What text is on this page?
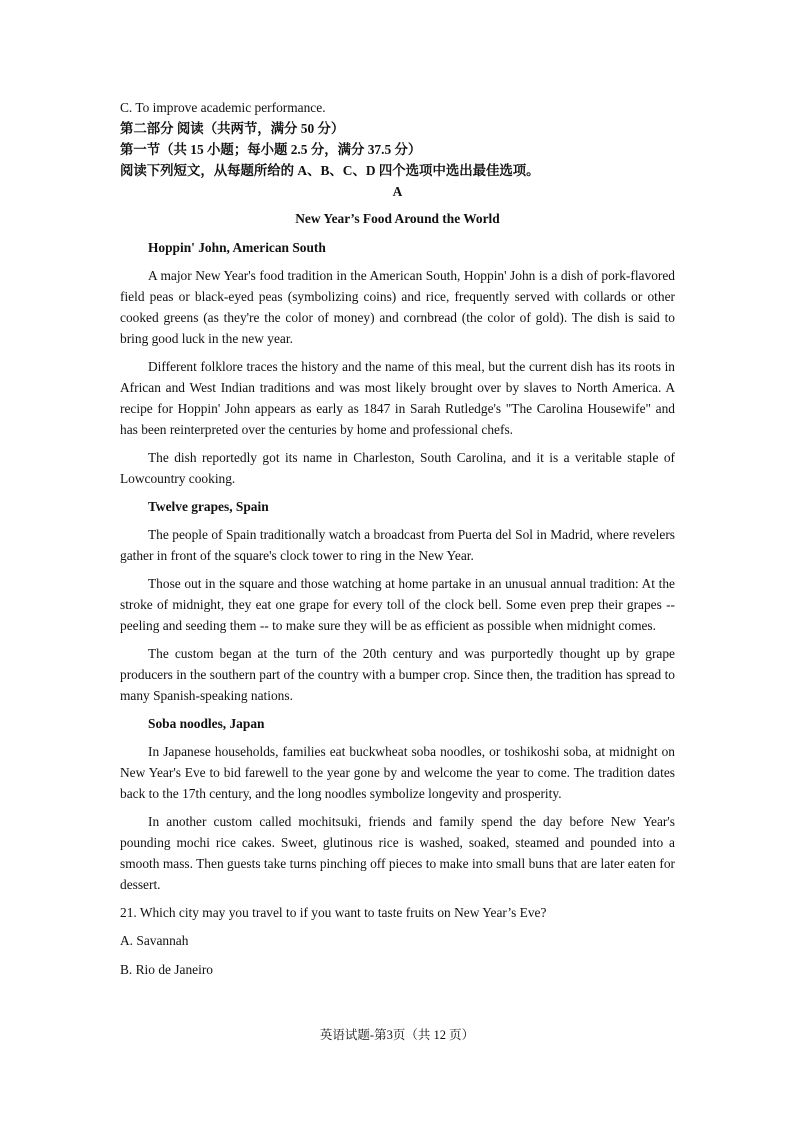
C. To improve academic performance.

第二部分 阅读（共两节，满分 50 分）

第一节（共 15 小题；每小题 2.5 分，满分 37.5 分）

阅读下列短文，从每题所给的 A、B、C、D 四个选项中选出最佳选项。

A

New Year’s Food Around the World

Hoppin' John, American South

A major New Year's food tradition in the American South, Hoppin' John is a dish of pork-flavored field peas or black-eyed peas (symbolizing coins) and rice, frequently served with collards or other cooked greens (as they're the color of money) and cornbread (the color of gold). The dish is said to bring good luck in the new year.

Different folklore traces the history and the name of this meal, but the current dish has its roots in African and West Indian traditions and was most likely brought over by slaves to North America. A recipe for Hoppin' John appears as early as 1847 in Sarah Rutledge's "The Carolina Housewife" and has been reinterpreted over the centuries by home and professional chefs.

The dish reportedly got its name in Charleston, South Carolina, and it is a veritable staple of Lowcountry cooking.

Twelve grapes, Spain

The people of Spain traditionally watch a broadcast from Puerta del Sol in Madrid, where revelers gather in front of the square's clock tower to ring in the New Year.

Those out in the square and those watching at home partake in an unusual annual tradition: At the stroke of midnight, they eat one grape for every toll of the clock bell. Some even prep their grapes -- peeling and seeding them -- to make sure they will be as efficient as possible when midnight comes.

The custom began at the turn of the 20th century and was purportedly thought up by grape producers in the southern part of the country with a bumper crop. Since then, the tradition has spread to many Spanish-speaking nations.

Soba noodles, Japan

In Japanese households, families eat buckwheat soba noodles, or toshikoshi soba, at midnight on New Year's Eve to bid farewell to the year gone by and welcome the year to come. The tradition dates back to the 17th century, and the long noodles symbolize longevity and prosperity.

In another custom called mochitsuki, friends and family spend the day before New Year's pounding mochi rice cakes. Sweet, glutinous rice is washed, soaked, steamed and pounded into a smooth mass. Then guests take turns pinching off pieces to make into small buns that are later eaten for dessert.

21. Which city may you travel to if you want to taste fruits on New Year’s Eve?

A. Savannah

B. Rio de Janeiro

英语试题-第3页（共 12 页）
